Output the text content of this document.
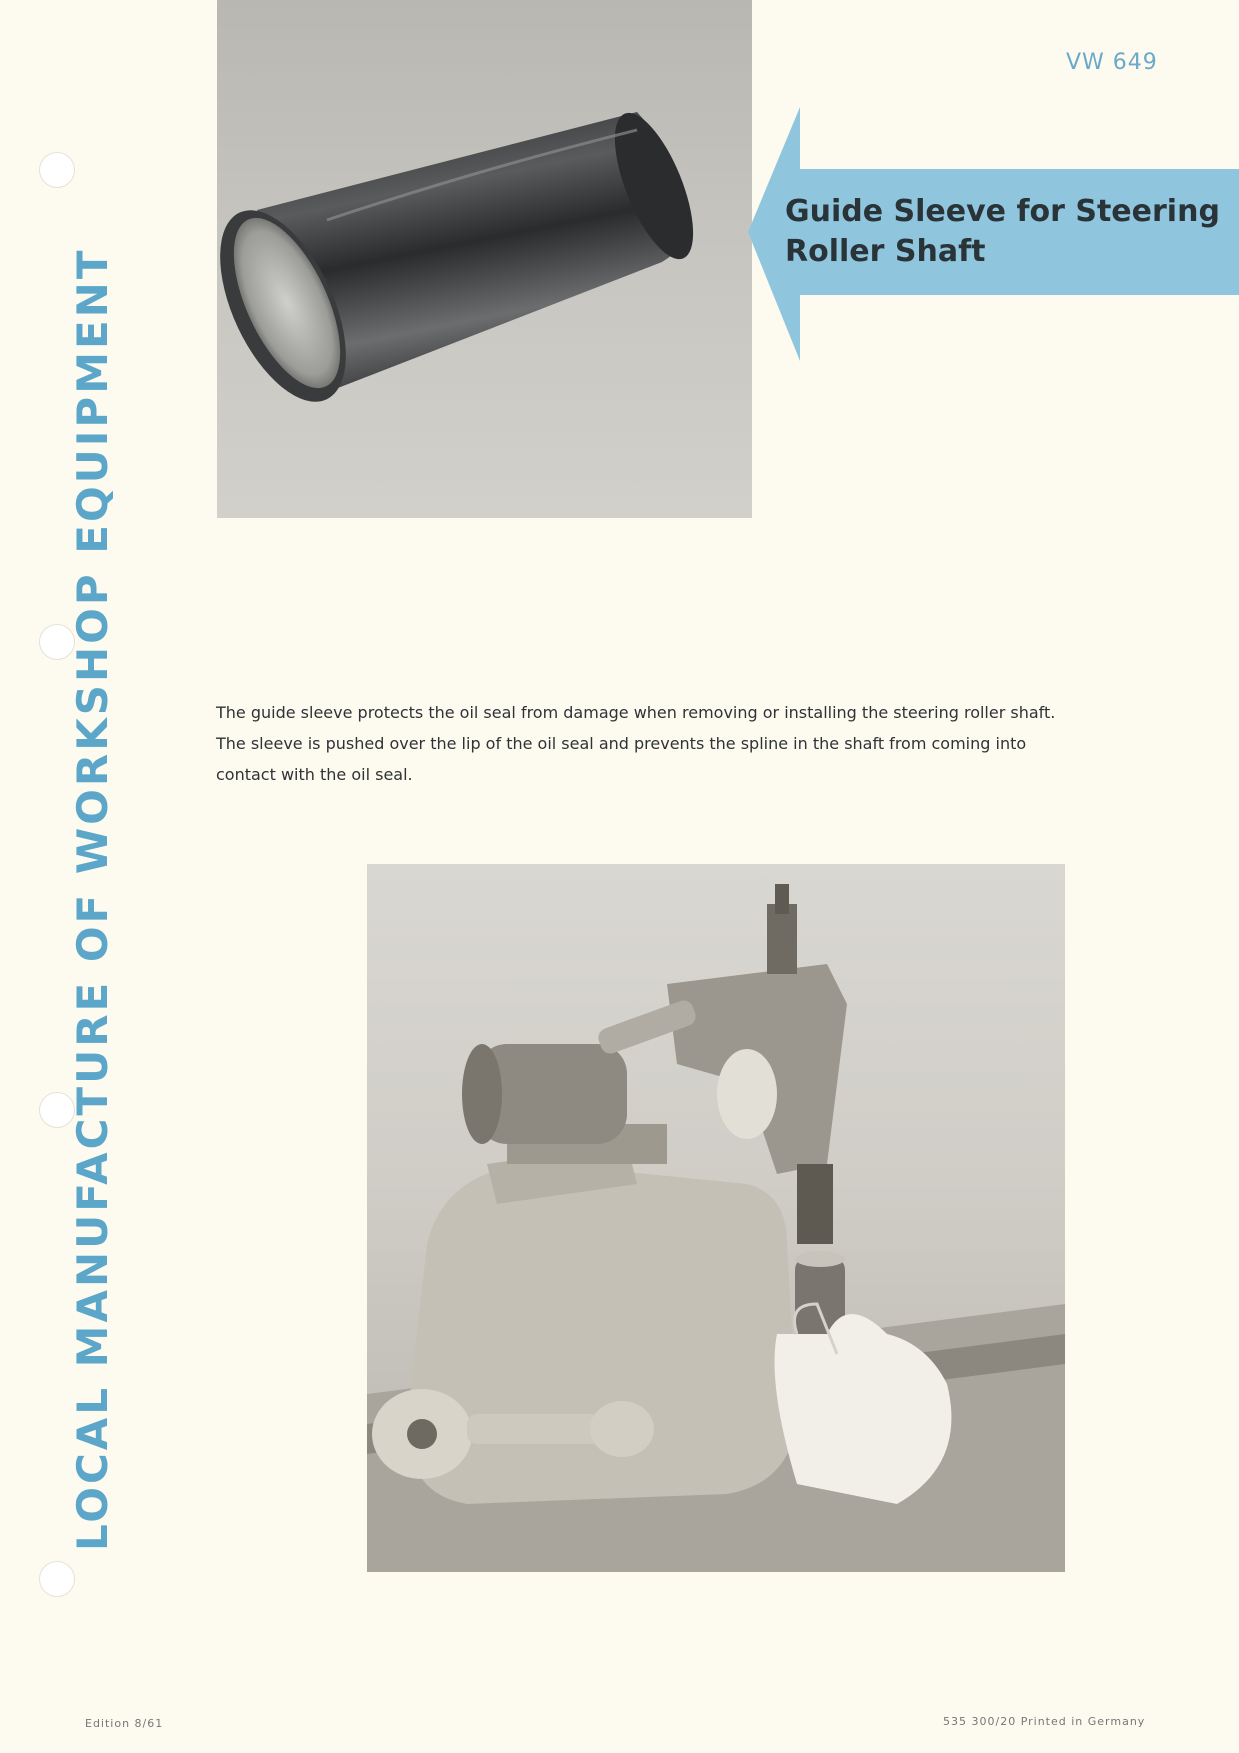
LOCAL MANUFACTURE OF WORKSHOP EQUIPMENT
VW 649
Guide Sleeve for Steering
Roller Shaft

The guide sleeve protects the oil seal from damage when removing or installing the steering roller shaft.
The sleeve is pushed over the lip of the oil seal and prevents the spline in the shaft from coming into
contact with the oil seal.

Edition 8/61	535 300/20 Printed in Germany
